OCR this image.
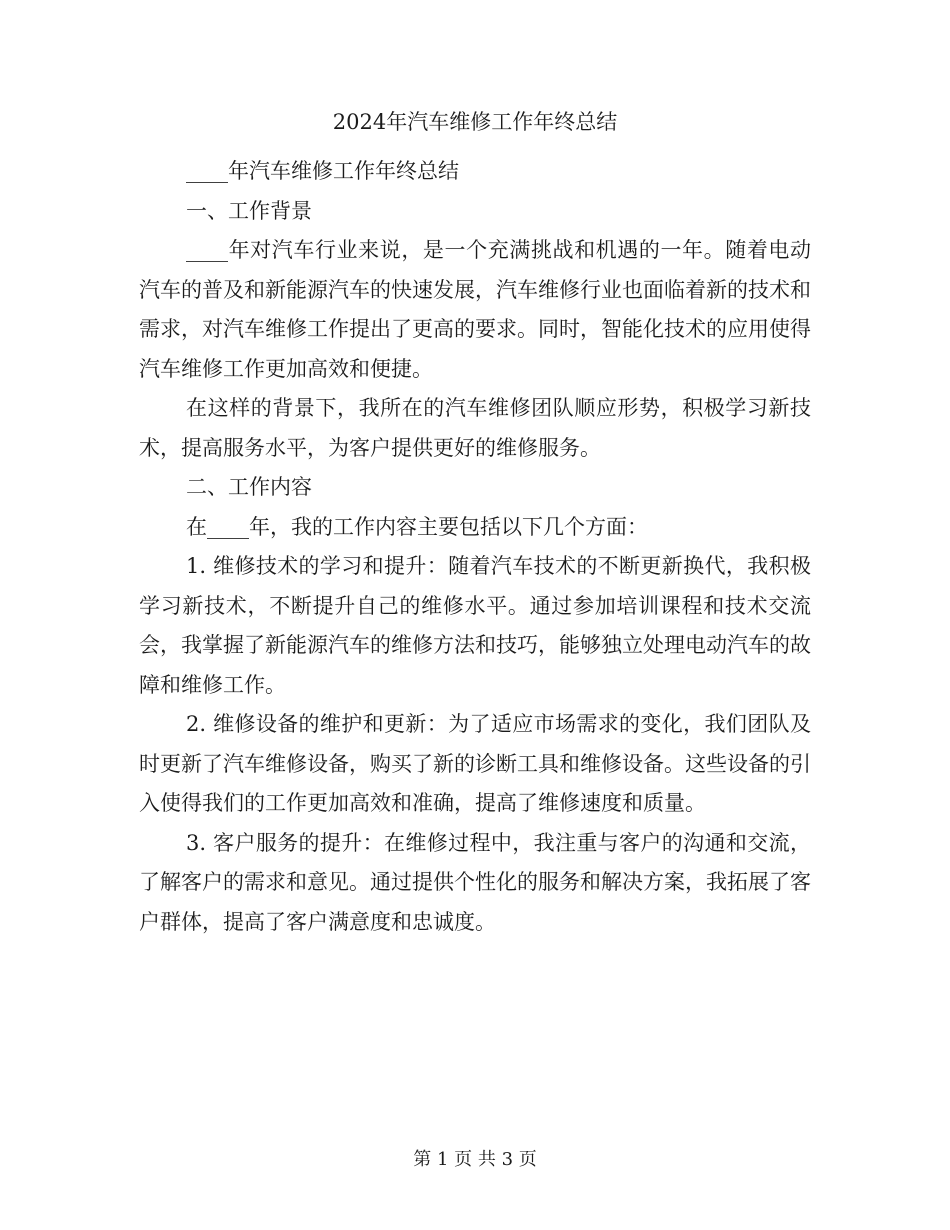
2024年汽车维修工作年终总结

____年汽车维修工作年终总结

一、工作背景

____年对汽车行业来说，是一个充满挑战和机遇的一年。随着电动汽车的普及和新能源汽车的快速发展，汽车维修行业也面临着新的技术和需求，对汽车维修工作提出了更高的要求。同时，智能化技术的应用使得汽车维修工作更加高效和便捷。

在这样的背景下，我所在的汽车维修团队顺应形势，积极学习新技术，提高服务水平，为客户提供更好的维修服务。

二、工作内容

在____年，我的工作内容主要包括以下几个方面：

1. 维修技术的学习和提升：随着汽车技术的不断更新换代，我积极学习新技术，不断提升自己的维修水平。通过参加培训课程和技术交流会，我掌握了新能源汽车的维修方法和技巧，能够独立处理电动汽车的故障和维修工作。

2. 维修设备的维护和更新：为了适应市场需求的变化，我们团队及时更新了汽车维修设备，购买了新的诊断工具和维修设备。这些设备的引入使得我们的工作更加高效和准确，提高了维修速度和质量。

3. 客户服务的提升：在维修过程中，我注重与客户的沟通和交流，了解客户的需求和意见。通过提供个性化的服务和解决方案，我拓展了客户群体，提高了客户满意度和忠诚度。

第 1 页 共 3 页
